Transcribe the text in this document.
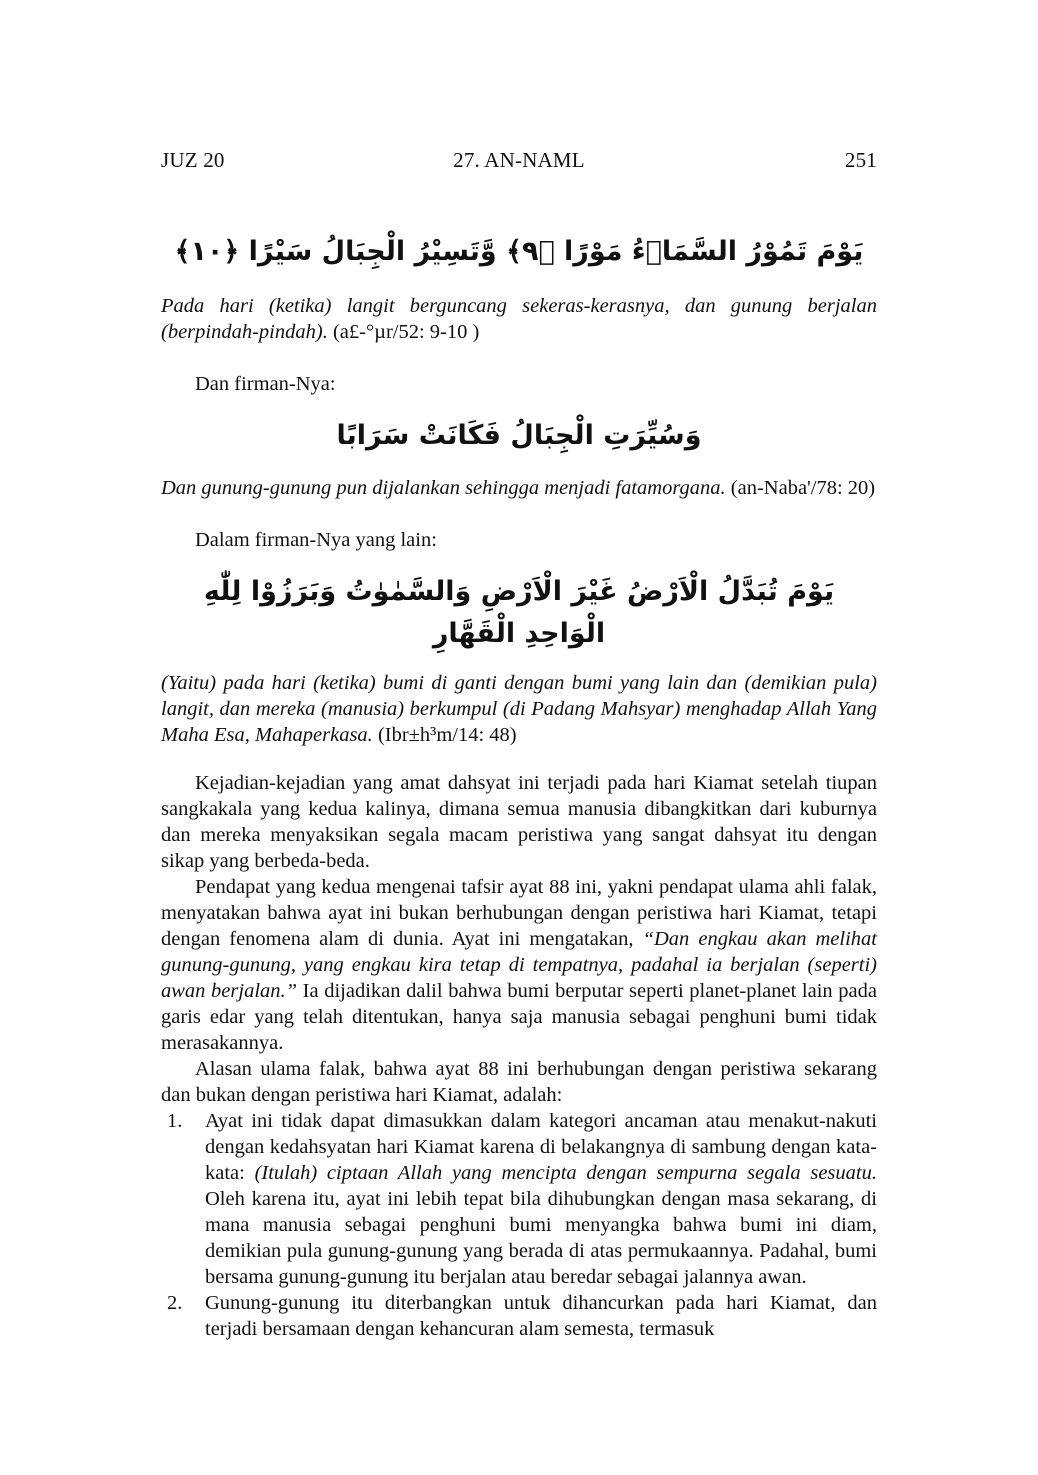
JUZ 20	27. AN-NAML	251

يَوْمَ تَمُوْرُ السَّمَاۤءُ مَوْرًا ﴿٩﴾ وَّتَسِيْرُ الْجِبَالُ سَيْرًا ﴿١٠﴾

Pada hari (ketika) langit berguncang sekeras-kerasnya, dan gunung berjalan (berpindah-pindah). (a£-°µr/52: 9-10 )

Dan firman-Nya:

وَسُيِّرَتِ الْجِبَالُ فَكَانَتْ سَرَابًا

Dan gunung-gunung pun dijalankan sehingga menjadi fatamorgana. (an-Naba'/78: 20)

Dalam firman-Nya yang lain:

يَوْمَ تُبَدَّلُ الْاَرْضُ غَيْرَ الْاَرْضِ وَالسَّمٰوٰتُ وَبَرَزُوْا لِلّٰهِ الْوَاحِدِ الْقَهَّارِ

(Yaitu) pada hari (ketika) bumi di ganti dengan bumi yang lain dan (demikian pula) langit, dan mereka (manusia) berkumpul (di Padang Mahsyar) menghadap Allah Yang Maha Esa, Mahaperkasa. (Ibr±h³m/14: 48)

Kejadian-kejadian yang amat dahsyat ini terjadi pada hari Kiamat setelah tiupan sangkakala yang kedua kalinya, dimana semua manusia dibangkitkan dari kuburnya dan mereka menyaksikan segala macam peristiwa yang sangat dahsyat itu dengan sikap yang berbeda-beda.

Pendapat yang kedua mengenai tafsir ayat 88 ini, yakni pendapat ulama ahli falak, menyatakan bahwa ayat ini bukan berhubungan dengan peristiwa hari Kiamat, tetapi dengan fenomena alam di dunia. Ayat ini mengatakan, “Dan engkau akan melihat gunung-gunung, yang engkau kira tetap di tempatnya, padahal ia berjalan (seperti) awan berjalan.” Ia dijadikan dalil bahwa bumi berputar seperti planet-planet lain pada garis edar yang telah ditentukan, hanya saja manusia sebagai penghuni bumi tidak merasakannya.

Alasan ulama falak, bahwa ayat 88 ini berhubungan dengan peristiwa sekarang dan bukan dengan peristiwa hari Kiamat, adalah:

1.	Ayat ini tidak dapat dimasukkan dalam kategori ancaman atau menakut-nakuti dengan kedahsyatan hari Kiamat karena di belakangnya di sambung dengan kata-kata: (Itulah) ciptaan Allah yang mencipta dengan sempurna segala sesuatu. Oleh karena itu, ayat ini lebih tepat bila dihubungkan dengan masa sekarang, di mana manusia sebagai penghuni bumi menyangka bahwa bumi ini diam, demikian pula gunung-gunung yang berada di atas permukaannya. Padahal, bumi bersama gunung-gunung itu berjalan atau beredar sebagai jalannya awan.
2.	Gunung-gunung itu diterbangkan untuk dihancurkan pada hari Kiamat, dan terjadi bersamaan dengan kehancuran alam semesta, termasuk
